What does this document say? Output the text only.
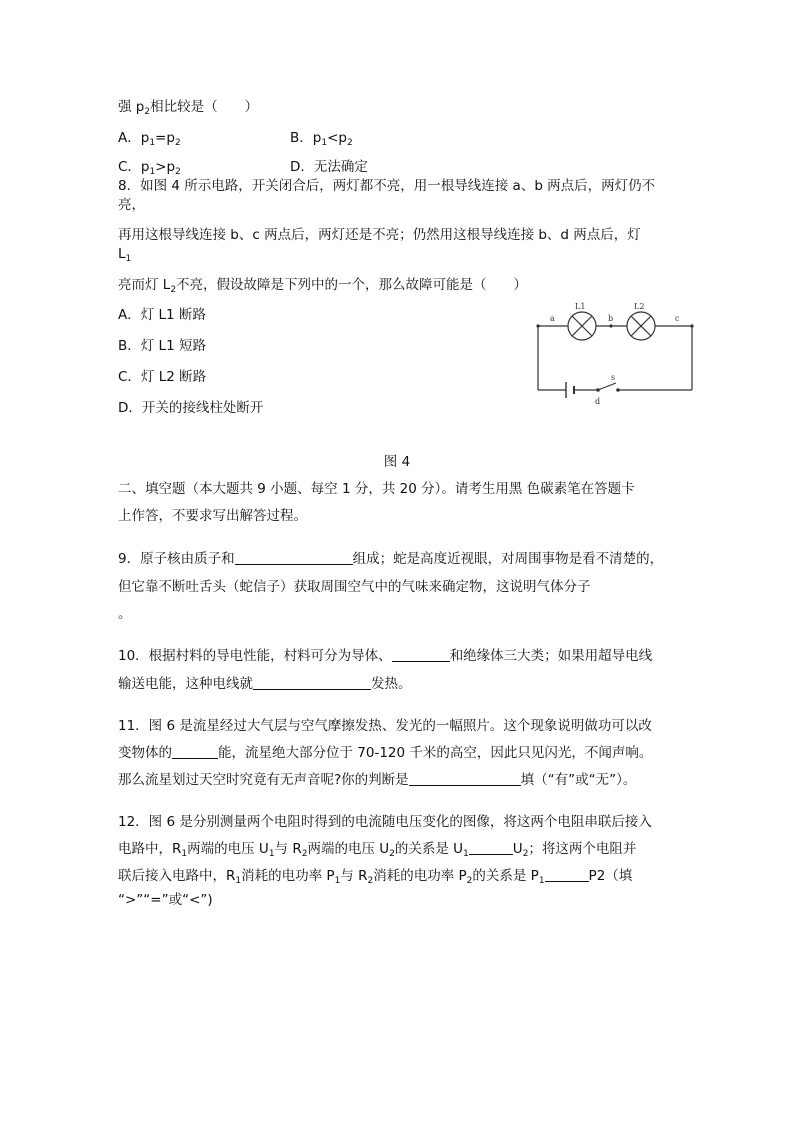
强 $p_2$相比较是（　　）
A．$p_1=p_2$	B．$p_1<p_2$
C．$p_1>p_2$	D．无法确定
8．如图 4 所示电路，开关闭合后，两灯都不亮，用一根导线连接 a、b 两点后，两灯仍不
亮，
再用这根导线连接 b、c 两点后，两灯还是不亮；仍然用这根导线连接 b、d 两点后，灯
$L_1$
亮而灯 $L_2$不亮，假设故障是下列中的一个，那么故障可能是（　　）
A．灯 L1 断路
B．灯 L1 短路
C．灯 L2 断路
D．开关的接线柱处断开
a	b	c
d
s
L1	L2
图 4
二、填空题（本大题共 9 小题、每空 1 分，共 20 分）。请考生用黑 色碳素笔在答题卡
上作答，不要求写出解答过程。
9．原子核由质子和	组成；蛇是高度近视眼，对周围事物是看不清楚的，
但它靠不断吐舌头（蛇信子）获取周围空气中的气味来确定物，这说明气体分子
。
10．根据村料的导电性能，村料可分为导体、	和绝缘体三大类；如果用超导电线
输送电能，这种电线就	发热。
11．图 6 是流星经过大气层与空气摩擦发热、发光的一幅照片。这个现象说明做功可以改
变物体的	能，流星绝大部分位于 70-120 千米的高空，因此只见闪光，不闻声响。
那么流星划过天空时究竟有无声音呢?你的判断是	填（“有”或“无”）。
12．图 6 是分别测量两个电阻时得到的电流随电压变化的图像，将这两个电阻串联后接入
电路中，$R_1$两端的电压 $U_1$与 $R_2$两端的电压 $U_2$的关系是 $U_1$	$U_2$；将这两个电阻并
联后接入电路中，$R_1$消耗的电功率 $P_1$与 $R_2$消耗的电功率 $P_2$的关系是 $P_1$	P2（填
“>”“=”或“<”)
